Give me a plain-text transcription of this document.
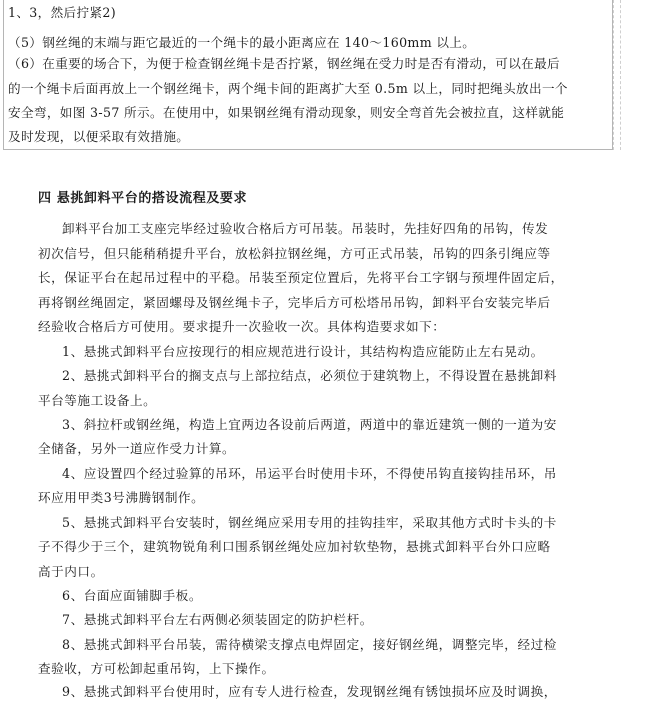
1、3，然后拧紧2)
（5）钢丝绳的末端与距它最近的一个绳卡的最小距离应在 140～160mm 以上。
（6）在重要的场合下，为便于检查钢丝绳卡是否拧紧，钢丝绳在受力时是否有滑动，可以在最后
的一个绳卡后面再放上一个钢丝绳卡，两个绳卡间的距离扩大至 0.5m 以上，同时把绳头放出一个
安全弯，如图 3-57 所示。在使用中，如果钢丝绳有滑动现象，则安全弯首先会被拉直，这样就能
及时发现，以便采取有效措施。
四 悬挑卸料平台的搭设流程及要求
卸料平台加工支座完毕经过验收合格后方可吊装。吊装时，先挂好四角的吊钩，传发
初次信号，但只能稍稍提升平台，放松斜拉钢丝绳，方可正式吊装，吊钩的四条引绳应等
长，保证平台在起吊过程中的平稳。吊装至预定位置后，先将平台工字钢与预埋件固定后，
再将钢丝绳固定，紧固螺母及钢丝绳卡子，完毕后方可松塔吊吊钩，卸料平台安装完毕后
经验收合格后方可使用。要求提升一次验收一次。具体构造要求如下：
1、悬挑式卸料平台应按现行的相应规范进行设计，其结构构造应能防止左右晃动。
2、悬挑式卸料平台的搁支点与上部拉结点，必须位于建筑物上，不得设置在悬挑卸料
平台等施工设备上。
3、斜拉杆或钢丝绳，构造上宜两边各设前后两道，两道中的靠近建筑一侧的一道为安
全储备，另外一道应作受力计算。
4、应设置四个经过验算的吊环，吊运平台时使用卡环，不得使吊钩直接钩挂吊环，吊
环应用甲类3号沸腾钢制作。
5、悬挑式卸料平台安装时，钢丝绳应采用专用的挂钩挂牢，采取其他方式时卡头的卡
子不得少于三个，建筑物锐角利口围系钢丝绳处应加衬软垫物，悬挑式卸料平台外口应略
高于内口。
6、台面应面铺脚手板。
7、悬挑式卸料平台左右两侧必须装固定的防护栏杆。
8、悬挑式卸料平台吊装，需待横梁支撑点电焊固定，接好钢丝绳，调整完毕，经过检
查验收，方可松卸起重吊钩，上下操作。
9、悬挑式卸料平台使用时，应有专人进行检查，发现钢丝绳有锈蚀损坏应及时调换，
